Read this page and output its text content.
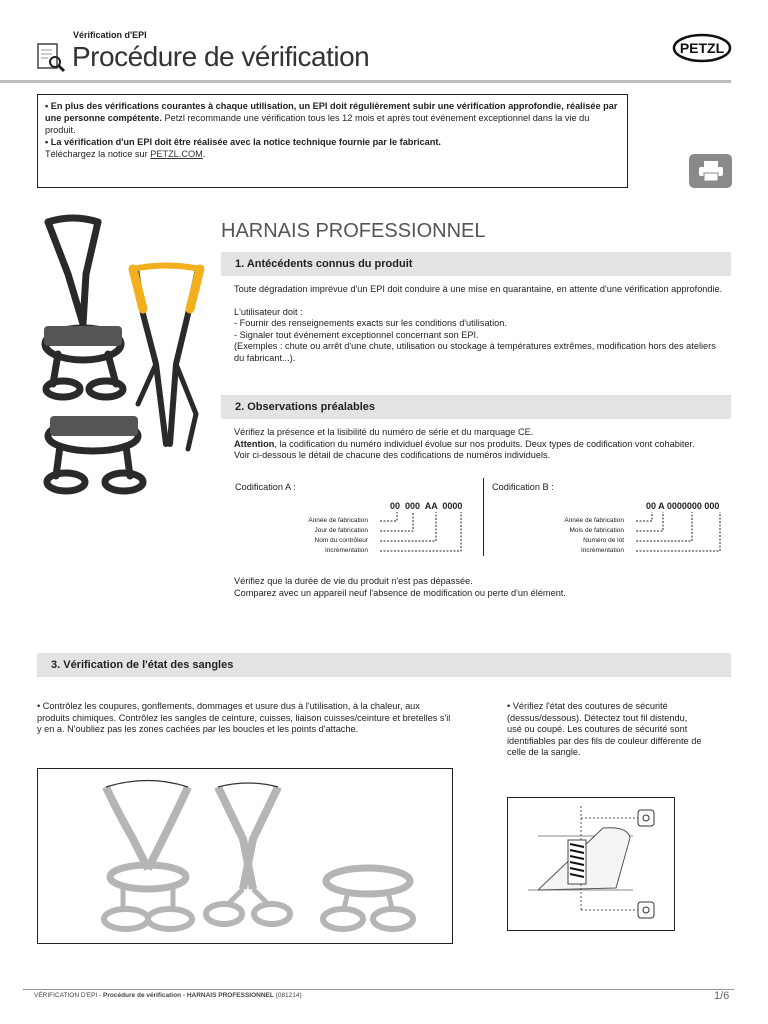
Vérification d'EPI
Procédure de vérification	PETZL
• En plus des vérifications courantes à chaque utilisation, un EPI doit régulièrement subir une vérification approfondie, réalisée par une personne compétente. Petzl recommande une vérification tous les 12 mois et après tout événement exceptionnel dans la vie du produit.
• La vérification d'un EPI doit être réalisée avec la notice technique fournie par le fabricant.
Téléchargez la notice sur PETZL.COM.
HARNAIS PROFESSIONNEL
1. Antécédents connus du produit
Toute dégradation imprévue d'un EPI doit conduire à une mise en quarantaine, en attente d'une vérification approfondie.
L'utilisateur doit :
- Fournir des renseignements exacts sur les conditions d'utilisation.
- Signaler tout événement exceptionnel concernant son EPI.
(Exemples : chute ou arrêt d'une chute, utilisation ou stockage à températures extrêmes, modification hors des ateliers du fabricant...).
2. Observations préalables
Vérifiez la présence et la lisibilité du numéro de série et du marquage CE.
Attention, la codification du numéro individuel évolue sur nos produits. Deux types de codification vont cohabiter.
Voir ci-dessous le détail de chacune des codifications de numéros individuels.
Codification A :
00  000  AA  0000
Année de fabrication
Jour de fabrication
Nom du contrôleur
Incrémentation
Codification B :
00 A 0000000 000
Année de fabrication
Mois de fabrication
Numéro de lot
Incrémentation
Vérifiez que la durée de vie du produit n'est pas dépassée.
Comparez avec un appareil neuf l'absence de modification ou perte d'un élément.
3. Vérification de l'état des sangles
• Contrôlez les coupures, gonflements, dommages et usure dus à l'utilisation, à la chaleur, aux produits chimiques. Contrôlez les sangles de ceinture, cuisses, liaison cuisses/ceinture et bretelles s'il y en a. N'oubliez pas les zones cachées par les boucles et les points d'attache.
• Vérifiez l'état des coutures de sécurité (dessus/dessous). Détectez tout fil distendu, usé ou coupé. Les coutures de sécurité sont identifiables par des fils de couleur différente de celle de la sangle.
VÉRIFICATION D'EPI - Procédure de vérification - HARNAIS PROFESSIONNEL (081214)	1/6
